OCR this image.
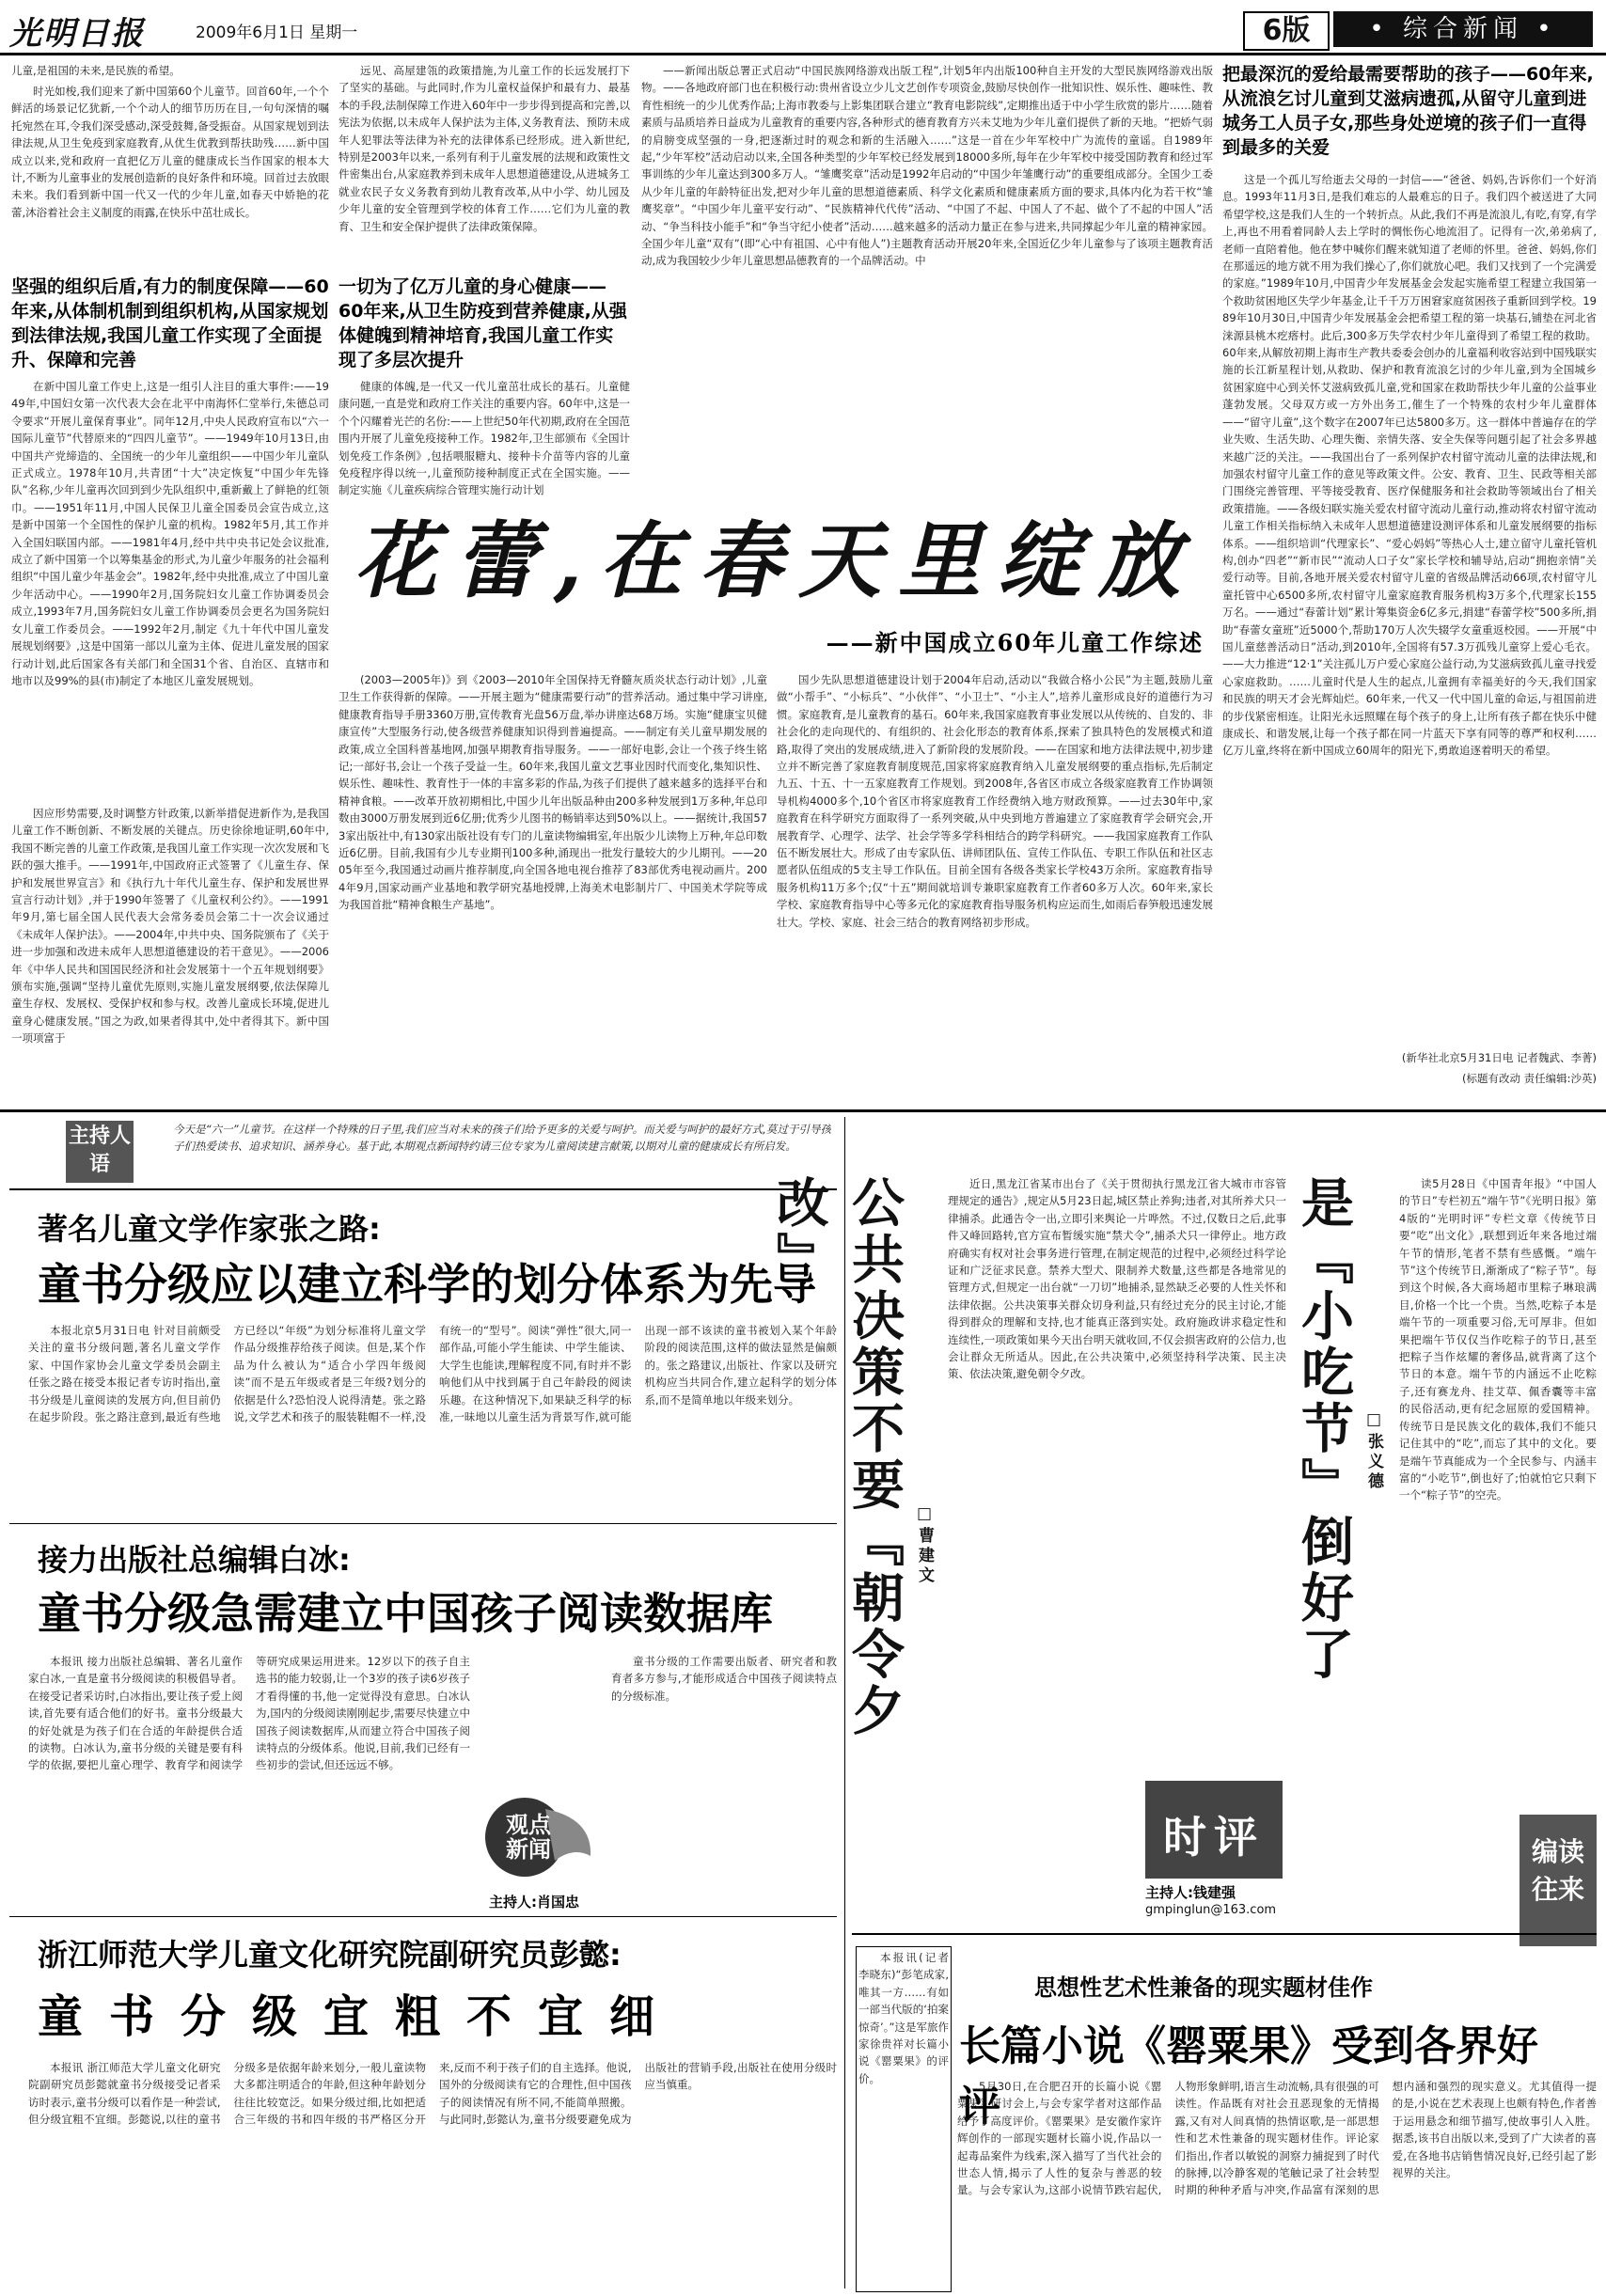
光明日报	2009年6月1日 星期一	6版	• 综合新闻 •
儿童,是祖国的未来,是民族的希望。

时光如梭,我们迎来了新中国第60个儿童节。回首60年,一个个鲜活的场景记忆犹新,一个个动人的细节历历在目,一句句深情的嘱托宛然在耳,令我们深受感动,深受鼓舞,备受振奋。从国家规划到法律法规,从卫生免疫到家庭教育,从优生优教到帮扶助残……新中国成立以来,党和政府一直把亿万儿童的健康成长当作国家的根本大计,不断为儿童事业的发展创造新的良好条件和环境。回首过去放眼未来。我们看到新中国一代又一代的少年儿童,如春天中娇艳的花蕾,沐浴着社会主义制度的雨露,在快乐中茁壮成长。

坚强的组织后盾,有力的制度保障——60年来,从体制机制到组织机构,从国家规划到法律法规,我国儿童工作实现了全面提升、保障和完善

在新中国儿童工作史上,这是一组引人注目的重大事件:——1949年,中国妇女第一次代表大会在北平中南海怀仁堂举行,朱德总司令要求“开展儿童保育事业”。同年12月,中央人民政府宣布以“六一国际儿童节”代替原来的“四四儿童节”。——1949年10月13日,由中国共产党缔造的、全国统一的少年儿童组织——中国少年儿童队正式成立。1978年10月,共青团“十大”决定恢复“中国少年先锋队”名称,少年儿童再次回到到少先队组织中,重新戴上了鲜艳的红领巾。——1951年11月,中国人民保卫儿童全国委员会宣告成立,这是新中国第一个全国性的保护儿童的机构。1982年5月,其工作并入全国妇联国内部。——1981年4月,经中共中央书记处会议批准,成立了新中国第一个以筹集基金的形式,为儿童少年服务的社会福利组织“中国儿童少年基金会”。1982年,经中央批准,成立了中国儿童少年活动中心。——1990年2月,国务院妇女儿童工作协调委员会成立,1993年7月,国务院妇女儿童工作协调委员会更名为国务院妇女儿童工作委员会。——1992年2月,制定《九十年代中国儿童发展规划纲要》,这是中国第一部以儿童为主体、促进儿童发展的国家行动计划,此后国家各有关部门和全国31个省、自治区、直辖市和地市以及99%的县(市)制定了本地区儿童发展规划。

因应形势需要,及时调整方针政策,以新举措促进新作为,是我国儿童工作不断创新、不断发展的关键点。历史徐徐地证明,60年中,我国不断完善的儿童工作政策,是我国儿童工作实现一次次发展和飞跃的强大推手。——1991年,中国政府正式签署了《儿童生存、保护和发展世界宣言》和《执行九十年代儿童生存、保护和发展世界宣言行动计划》,并于1990年签署了《儿童权利公约》。——1991年9月,第七届全国人民代表大会常务委员会第二十一次会议通过《未成年人保护法》。——2004年,中共中央、国务院颁布了《关于进一步加强和改进未成年人思想道德建设的若干意见》。——2006年《中华人民共和国国民经济和社会发展第十一个五年规划纲要》颁布实施,强调“坚持儿童优先原则,实施儿童发展纲要,依法保障儿童生存权、发展权、受保护权和参与权。改善儿童成长环境,促进儿童身心健康发展。”国之为政,如果者得其中,处中者得其下。新中国一项项富于

远见、高屋建瓴的政策措施,为儿童工作的长远发展打下了坚实的基础。与此同时,作为儿童权益保护和最有力、最基本的手段,法制保障工作进入60年中一步步得到提高和完善,以宪法为依据,以未成年人保护法为主体,义务教育法、预防未成年人犯罪法等法律为补充的法律体系已经形成。进入新世纪,特别是2003年以来,一系列有利于儿童发展的法规和政策性文件密集出台,从家庭教养到未成年人思想道德建设,从进城务工就业农民子女义务教育到幼儿教育改革,从中小学、幼儿园及少年儿童的安全管理到学校的体育工作……它们为儿童的教育、卫生和安全保护提供了法律政策保障。

一切为了亿万儿童的身心健康——60年来,从卫生防疫到营养健康,从强体健魄到精神培育,我国儿童工作实现了多层次提升

健康的体魄,是一代又一代儿童茁壮成长的基石。儿童健康问题,一直是党和政府工作关注的重要内容。60年中,这是一个个闪耀着光芒的名份:——上世纪50年代初期,政府在全国范围内开展了儿童免疫接种工作。1982年,卫生部颁布《全国计划免疫工作条例》,包括喂服糖丸、接种卡介苗等内容的儿童免疫程序得以统一,儿童预防接种制度正式在全国实施。——制定实施《儿童疾病综合管理实施行动计划

——新闻出版总署正式启动“中国民族网络游戏出版工程”,计划5年内出版100种自主开发的大型民族网络游戏出版物。——各地政府部门也在积极行动:贵州省设立少儿文艺创作专项资金,鼓励尽快创作一批知识性、娱乐性、趣味性、教育性相统一的少儿优秀作品;上海市教委与上影集团联合建立“教育电影院线”,定期推出适于中小学生欣赏的影片……随着素质与品质培养日益成为儿童教育的重要内容,各种形式的德育教育方兴未艾地为少年儿童们提供了新的天地。“把娇气弱的肩膀变成坚强的一身,把逐渐过时的观念和新的生活融入……”这是一首在少年军校中广为流传的童谣。自1989年起,“少年军校”活动启动以来,全国各种类型的少年军校已经发展到18000多所,每年在少年军校中接受国防教育和经过军事训练的少年儿童达到300多万人。“雏鹰奖章”活动是1992年启动的“中国少年雏鹰行动”的重要组成部分。全国少工委从少年儿童的年龄特征出发,把对少年儿童的思想道德素质、科学文化素质和健康素质方面的要求,具体内化为若干枚“雏鹰奖章”。“中国少年儿童平安行动”、“民族精神代代传”活动、“中国了不起、中国人了不起、做个了不起的中国人”活动、“争当科技小能手”和“争当守纪小使者”活动……越来越多的活动力量正在参与进来,共同撑起少年儿童的精神家园。全国少年儿童“双有”(即“心中有祖国、心中有他人”)主题教育活动开展20年来,全国近亿少年儿童参与了该项主题教育活动,成为我国较少少年儿童思想品德教育的一个品牌活动。中

把最深沉的爱给最需要帮助的孩子——60年来,从流浪乞讨儿童到艾滋病遗孤,从留守儿童到进城务工人员子女,那些身处逆境的孩子们一直得到最多的关爱

这是一个孤儿写给逝去父母的一封信——“爸爸、妈妈,告诉你们一个好消息。1993年11月3日,是我们难忘的人最难忘的日子。我们四个被送进了大同希望学校,这是我们人生的一个转折点。从此,我们不再是流浪儿,有吃,有穿,有学上,再也不用看着同龄人去上学时的惆怅伤心地流泪了。记得有一次,弟弟病了,老师一直陪着他。他在梦中喊你们醒来就知道了老师的怀里。爸爸、妈妈,你们在那遥远的地方就不用为我们操心了,你们就放心吧。我们又找到了一个完满爱的家庭。”1989年10月,中国青少年发展基金会发起实施希望工程建立我国第一个救助贫困地区失学少年基金,让千千万万困窘家庭贫困孩子重新回到学校。1989年10月30日,中国青少年发展基金会把希望工程的第一块基石,铺垫在河北省涞源县桃木疙瘩村。此后,300多万失学农村少年儿童得到了希望工程的救助。60年来,从解放初期上海市生产教共委委会创办的儿童福利收容站到中国残联实施的长江新星程计划,从救助、保护和教育流浪乞讨的少年儿童,到为全国城乡贫困家庭中心到关怀艾滋病致孤儿童,党和国家在救助帮扶少年儿童的公益事业蓬勃发展。父母双方或一方外出务工,催生了一个特殊的农村少年儿童群体——“留守儿童”,这个数字在2007年已达5800多万。这一群体中普遍存在的学业失败、生活失助、心理失衡、亲情失落、安全失保等问题引起了社会多界越来越广泛的关注。——我国出台了一系列保护农村留守流动儿童的法律法规,和加强农村留守儿童工作的意见等政策文件。公安、教育、卫生、民政等相关部门围绕完善管理、平等接受教育、医疗保健服务和社会救助等领域出台了相关政策措施。——各级妇联实施关爱农村留守流动儿童行动,推动将农村留守流动儿童工作相关指标纳入未成年人思想道德建设测评体系和儿童发展纲要的指标体系。——组织培训“代理家长”、“爱心妈妈”等热心人士,建立留守儿童托管机构,创办“四老”“新市民”“流动人口子女”家长学校和辅导站,启动“拥抱亲情”关爱行动等。目前,各地开展关爱农村留守儿童的省级品牌活动66项,农村留守儿童托管中心6500多所,农村留守儿童家庭教育服务机构3万多个,代理家长155万名。——通过“春蕾计划”累计筹集资金6亿多元,捐建“春蕾学校”500多所,捐助“春蕾女童班”近5000个,帮助170万人次失辍学女童重返校园。——开展“中国儿童慈善活动日”活动,到2010年,全国将有57.3万孤残儿童穿上爱心毛衣。——大力推进“12·1”关注孤儿万户爱心家庭公益行动,为艾滋病致孤儿童寻找爱心家庭救助。……儿童时代是人生的起点,儿童拥有幸福美好的今天,我们国家和民族的明天才会光辉灿烂。60年来,一代又一代中国儿童的命运,与祖国前进的步伐紧密相连。让阳光永远照耀在每个孩子的身上,让所有孩子都在快乐中健康成长、和谐发展,让每一个孩子都在同一片蓝天下享有同等的尊严和权利……亿万儿童,终将在新中国成立60周年的阳光下,勇敢追逐着明天的希望。

(新华社北京5月31日电 记者魏武、李菁)
(标题有改动 责任编辑:沙英)
花蕾,在春天里绽放
——新中国成立60年儿童工作综述

(2003—2005年)》到《2003—2010年全国保持无脊髓灰质炎状态行动计划》,儿童卫生工作获得新的保障。——开展主题为“健康需要行动”的营养活动。通过集中学习讲座,健康教育指导手册3360万册,宣传教育光盘56万盘,举办讲座达68万场。实施“健康宝贝健康宣传”大型服务行动,使各级营养健康知识得到普遍提高。——制定有关儿童早期发展的政策,成立全国科普基地网,加强早期教育指导服务。——一部好电影,会让一个孩子终生铭记;一部好书,会让一个孩子受益一生。60年来,我国儿童文艺事业因时代而变化,集知识性、娱乐性、趣味性、教育性于一体的丰富多彩的作品,为孩子们提供了越来越多的选择平台和精神食粮。——改革开放初期相比,中国少儿年出版品种由200多种发展到1万多种,年总印数由3000万册发展到近6亿册;优秀少儿图书的畅销率达到50%以上。——据统计,我国573家出版社中,有130家出版社设有专门的儿童读物编辑室,年出版少儿读物上万种,年总印数近6亿册。目前,我国有少儿专业期刊100多种,涌现出一批发行量较大的少儿期刊。——2005年至今,我国通过动画片推荐制度,向全国各地电视台推荐了83部优秀电视动画片。2004年9月,国家动画产业基地和教学研究基地授牌,上海美术电影制片厂、中国美术学院等成为我国首批“精神食粮生产基地”。

国少先队思想道德建设计划于2004年启动,活动以“我做合格小公民”为主题,鼓励儿童做“小帮手”、“小标兵”、“小伙伴”、“小卫士”、“小主人”,培养儿童形成良好的道德行为习惯。家庭教育,是儿童教育的基石。60年来,我国家庭教育事业发展以从传统的、自发的、非社会化的走向现代的、有组织的、社会化形态的教育体系,探索了独具特色的发展模式和道路,取得了突出的发展成绩,进入了新阶段的发展阶段。——在国家和地方法律法规中,初步建立并不断完善了家庭教育制度规范,国家将家庭教育纳入儿童发展纲要的重点指标,先后制定九五、十五、十一五家庭教育工作规划。到2008年,各省区市成立各级家庭教育工作协调领导机构4000多个,10个省区市将家庭教育工作经费纳入地方财政预算。——过去30年中,家庭教育在科学研究方面取得了一系列突破,从中央到地方普遍建立了家庭教育学会研究会,开展教育学、心理学、法学、社会学等多学科相结合的跨学科研究。——我国家庭教育工作队伍不断发展壮大。形成了由专家队伍、讲师团队伍、宣传工作队伍、专职工作队伍和社区志愿者队伍组成的5支主导工作队伍。目前全国有各级各类家长学校43万余所。家庭教育指导服务机构11万多个;仅“十五”期间就培训专兼职家庭教育工作者60多万人次。60年来,家长学校、家庭教育指导中心等多元化的家庭教育指导服务机构应运而生,如雨后春笋般迅速发展壮大。学校、家庭、社会三结合的教育网络初步形成。

主持人语
今天是“六一”儿童节。在这样一个特殊的日子里,我们应当对未来的孩子们给予更多的关爱与呵护。而关爱与呵护的最好方式,莫过于引导孩子们热爱读书、追求知识、涵养身心。基于此,本期观点新闻特约请三位专家为儿童阅读建言献策,以期对儿童的健康成长有所启发。
著名儿童文学作家张之路:
童书分级应以建立科学的划分体系为先导

本报北京5月31日电 针对目前颇受关注的童书分级问题,著名儿童文学作家、中国作家协会儿童文学委员会副主任张之路在接受本报记者专访时指出,童书分级是儿童阅读的发展方向,但目前仍在起步阶段。张之路注意到,最近有些地方已经以“年级”为划分标准将儿童文学作品分级推荐给孩子阅读。但是,某个作品为什么被认为“适合小学四年级阅读”而不是五年级或者是三年级?划分的依据是什么?恐怕没人说得清楚。张之路说,文学艺术和孩子的服装鞋帽不一样,没有统一的“型号”。阅读“弹性”很大,同一部作品,可能小学生能读、中学生能读、大学生也能读,理解程度不同,有时并不影响他们从中找到属于自己年龄段的阅读乐趣。在这种情况下,如果缺乏科学的标准,一昧地以儿童生活为背景写作,就可能出现一部不该读的童书被划入某个年龄阶段的阅读范围,这样的做法显然是偏颇的。张之路建议,出版社、作家以及研究机构应当共同合作,建立起科学的划分体系,而不是简单地以年级来划分。

接力出版社总编辑白冰:
童书分级急需建立中国孩子阅读数据库

本报讯 接力出版社总编辑、著名儿童作家白冰,一直是童书分级阅读的积极倡导者。在接受记者采访时,白冰指出,要让孩子爱上阅读,首先要有适合他们的好书。童书分级最大的好处就是为孩子们在合适的年龄提供合适的读物。白冰认为,童书分级的关键是要有科学的依据,要把儿童心理学、教育学和阅读学等研究成果运用进来。12岁以下的孩子自主选书的能力较弱,让一个3岁的孩子读6岁孩子才看得懂的书,他一定觉得没有意思。白冰认为,国内的分级阅读刚刚起步,需要尽快建立中国孩子阅读数据库,从而建立符合中国孩子阅读特点的分级体系。他说,目前,我们已经有一些初步的尝试,但还远远不够。

观点新闻

童书分级的工作需要出版者、研究者和教育者多方参与,才能形成适合中国孩子阅读特点的分级标准。

主持人:肖国忠
浙江师范大学儿童文化研究院副研究员彭懿:
童书分级宜粗不宜细

本报讯 浙江师范大学儿童文化研究院副研究员彭懿就童书分级接受记者采访时表示,童书分级可以看作是一种尝试,但分级宜粗不宜细。彭懿说,以往的童书分级多是依据年龄来划分,一般儿童读物大多都注明适合的年龄,但这种年龄划分往往比较宽泛。如果分级过细,比如把适合三年级的书和四年级的书严格区分开来,反而不利于孩子们的自主选择。他说,国外的分级阅读有它的合理性,但中国孩子的阅读情况有所不同,不能简单照搬。与此同时,彭懿认为,童书分级要避免成为出版社的营销手段,出版社在使用分级时应当慎重。

公共决策不要『朝令夕改』
□曹建文

近日,黑龙江省某市出台了《关于贯彻执行黑龙江省大城市市容管理规定的通告》,规定从5月23日起,城区禁止养狗;违者,对其所养犬只一律捕杀。此通告令一出,立即引来舆论一片哗然。不过,仅数日之后,此事件又峰回路转,官方宣布暂缓实施“禁犬令”,捕杀犬只一律停止。地方政府确实有权对社会事务进行管理,在制定规范的过程中,必须经过科学论证和广泛征求民意。禁养大型犬、限制养犬数量,这些都是各地常见的管理方式,但规定一出台就“一刀切”地捕杀,显然缺乏必要的人性关怀和法律依据。公共决策事关群众切身利益,只有经过充分的民主讨论,才能得到群众的理解和支持,也才能真正落到实处。政府施政讲求稳定性和连续性,一项政策如果今天出台明天就收回,不仅会损害政府的公信力,也会让群众无所适从。因此,在公共决策中,必须坚持科学决策、民主决策、依法决策,避免朝令夕改。	是『小吃节』倒好了 □张义德

读5月28日《中国青年报》“中国人的节日”专栏初五“端午节”《光明日报》第4版的“光明时评”专栏文章《传统节日要“吃”出文化》,联想到近年来各地过端午节的情形,笔者不禁有些感慨。“端午节”这个传统节日,渐渐成了“粽子节”。每到这个时候,各大商场超市里粽子琳琅满目,价格一个比一个贵。当然,吃粽子本是端午节的一项重要习俗,无可厚非。但如果把端午节仅仅当作吃粽子的节日,甚至把粽子当作炫耀的奢侈品,就背离了这个节日的本意。端午节的内涵远不止吃粽子,还有赛龙舟、挂艾草、佩香囊等丰富的民俗活动,更有纪念屈原的爱国精神。传统节日是民族文化的载体,我们不能只记住其中的“吃”,而忘了其中的文化。要是端午节真能成为一个全民参与、内涵丰富的“小吃节”,倒也好了;怕就怕它只剩下一个“粽子节”的空壳。

时评
主持人:钱建强
gmpinglun@163.com
编读往来

本报讯(记者李晓东)“彭笔成家,唯其一方……有如一部当代版的‘拍案惊奇’。”这是军旅作家徐贵祥对长篇小说《罂粟果》的评价。

思想性艺术性兼备的现实题材佳作
长篇小说《罂粟果》受到各界好评

5月30日,在合肥召开的长篇小说《罂粟果》研讨会上,与会专家学者对这部作品给予了高度评价。《罂粟果》是安徽作家许辉创作的一部现实题材长篇小说,作品以一起毒品案件为线索,深入描写了当代社会的世态人情,揭示了人性的复杂与善恶的较量。与会专家认为,这部小说情节跌宕起伏,人物形象鲜明,语言生动流畅,具有很强的可读性。作品既有对社会丑恶现象的无情揭露,又有对人间真情的热情讴歌,是一部思想性和艺术性兼备的现实题材佳作。评论家们指出,作者以敏锐的洞察力捕捉到了时代的脉搏,以冷静客观的笔触记录了社会转型时期的种种矛盾与冲突,作品富有深刻的思想内涵和强烈的现实意义。尤其值得一提的是,小说在艺术表现上也颇有特色,作者善于运用悬念和细节描写,使故事引人入胜。据悉,该书自出版以来,受到了广大读者的喜爱,在各地书店销售情况良好,已经引起了影视界的关注。
